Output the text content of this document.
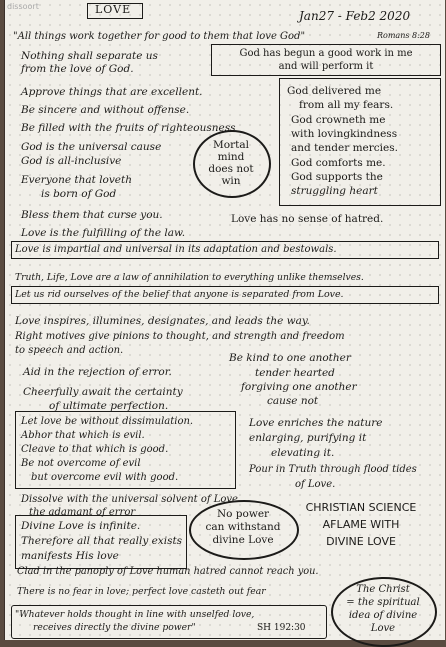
dissoort	LOVE	Jan27 - Feb2 2020

"All things work together for good to them that love God"	Romans 8:28

Nothing shall separate us

from the love of God.

God has begun a good work in me

and will perform it

Approve things that are excellent.

Be sincere and without offense.

Be filled with the fruits of righteousness

God delivered me

from all my fears.

God crowneth me

with lovingkindness

and tender mercies.

God comforts me.

God supports the

struggling heart

God is the universal cause

God is all-inclusive

Mortal

mind

does not

win

Everyone that loveth

is born of God

Bless them that curse you.	Love has no sense of hatred.

Love is the fulfilling of the law.

Love is impartial and universal in its adaptation and bestowals.

Truth, Life, Love are a law of annihilation to everything unlike themselves.

Let us rid ourselves of the belief that anyone is separated from Love.

Love inspires, illumines, designates, and leads the way.

Right motives give pinions to thought, and strength and freedom

to speech and action.

Be kind to one another

tender hearted

forgiving one another

cause not

Aid in the rejection of error.

Cheerfully await the certainty

of ultimate perfection.

Let love be without dissimulation.

Abhor that which is evil.

Cleave to that which is good.

Be not overcome of evil

but overcome evil with good.

Love enriches the nature

enlarging, purifying it

elevating it.

Pour in Truth through flood tides

of Love.

Dissolve with the universal solvent of Love

the adamant of error

Divine Love is infinite.

Therefore all that really exists

manifests His love

No power

can withstand

divine Love

CHRISTIAN SCIENCE

AFLAME WITH

DIVINE LOVE

Clad in the panoply of Love human hatred cannot reach you.

There is no fear in love; perfect love casteth out fear	The Christ

= the spiritual

idea of divine

Love

"Whatever holds thought in line with unselfed love,

receives directly the divine power"	SH 192:30
